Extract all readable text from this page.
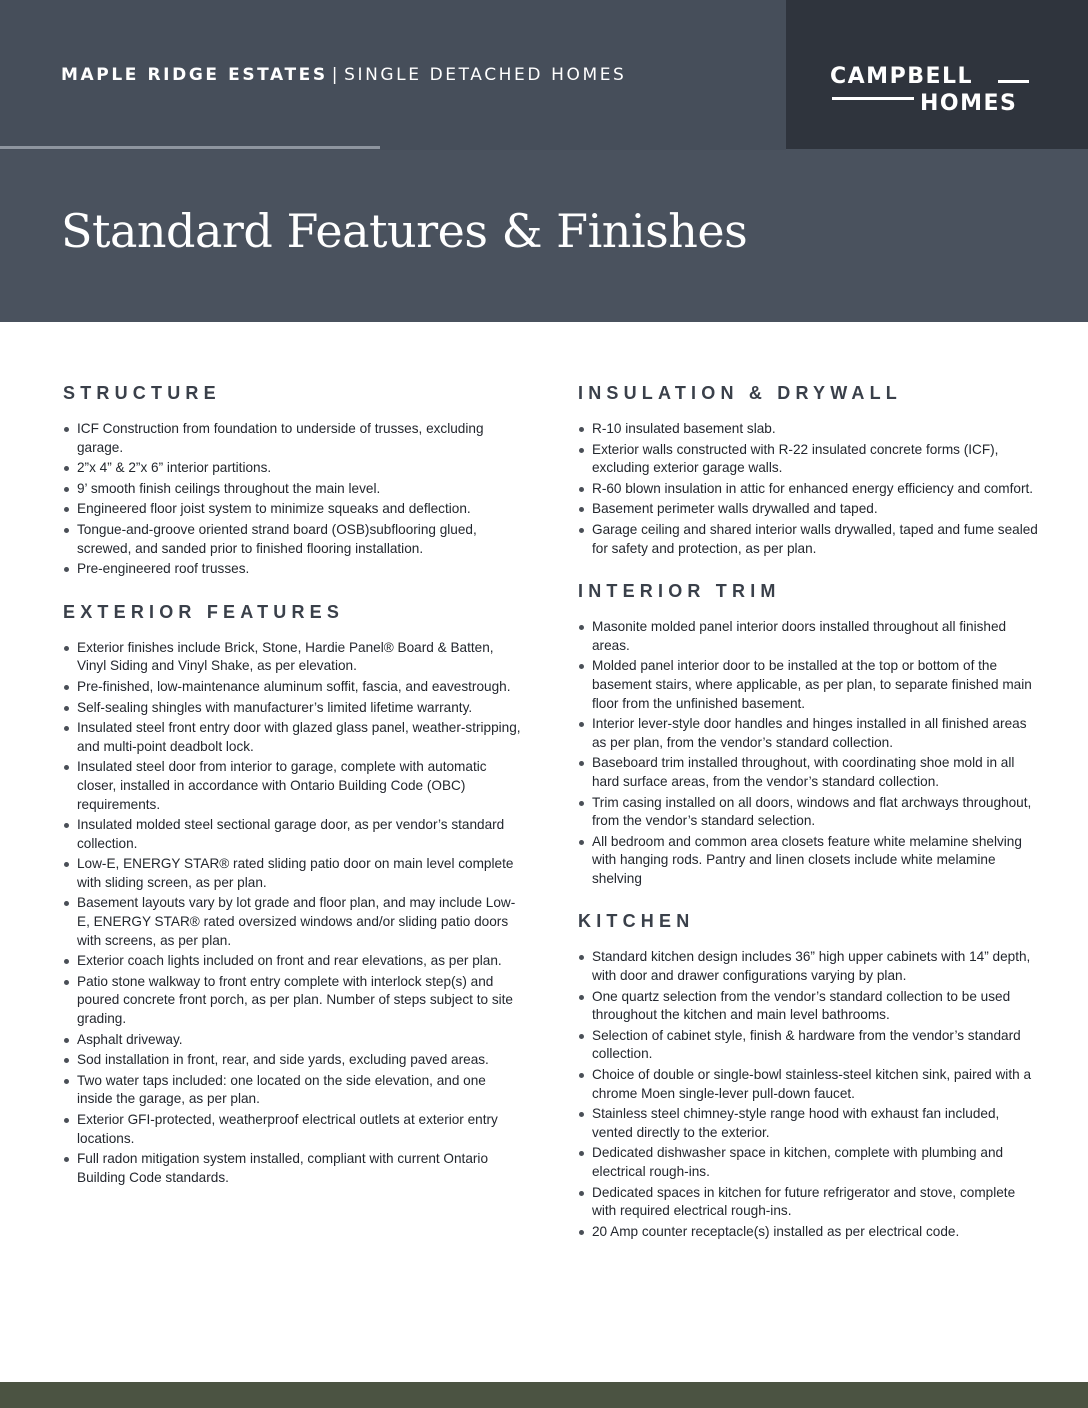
MAPLE RIDGE ESTATES | SINGLE DETACHED HOMES	CAMPBELL
HOMES
Standard Features & Finishes
STRUCTURE
ICF Construction from foundation to underside of trusses, excluding garage.
2”x 4” & 2”x 6” interior partitions.
9’ smooth finish ceilings throughout the main level.
Engineered floor joist system to minimize squeaks and deflection.
Tongue-and-groove oriented strand board (OSB)subflooring glued, screwed, and sanded prior to finished flooring installation.
Pre-engineered roof trusses.
EXTERIOR FEATURES
Exterior finishes include Brick, Stone, Hardie Panel® Board & Batten, Vinyl Siding and Vinyl Shake, as per elevation.
Pre-finished, low-maintenance aluminum soffit, fascia, and eavestrough.
Self-sealing shingles with manufacturer’s limited lifetime warranty.
Insulated steel front entry door with glazed glass panel, weather-stripping, and multi-point deadbolt lock.
Insulated steel door from interior to garage, complete with automatic closer, installed in accordance with Ontario Building Code (OBC) requirements.
Insulated molded steel sectional garage door, as per vendor’s standard collection.
Low-E, ENERGY STAR® rated sliding patio door on main level complete with sliding screen, as per plan.
Basement layouts vary by lot grade and floor plan, and may include Low-E, ENERGY STAR® rated oversized windows and/or sliding patio doors with screens, as per plan.
Exterior coach lights included on front and rear elevations, as per plan.
Patio stone walkway to front entry complete with interlock step(s) and poured concrete front porch, as per plan. Number of steps subject to site grading.
Asphalt driveway.
Sod installation in front, rear, and side yards, excluding paved areas.
Two water taps included: one located on the side elevation, and one inside the garage, as per plan.
Exterior GFI-protected, weatherproof electrical outlets at exterior entry locations.
Full radon mitigation system installed, compliant with current Ontario Building Code standards.
INSULATION & DRYWALL
R-10 insulated basement slab.
Exterior walls constructed with R-22 insulated concrete forms (ICF), excluding exterior garage walls.
R-60 blown insulation in attic for enhanced energy efficiency and comfort.
Basement perimeter walls drywalled and taped.
Garage ceiling and shared interior walls drywalled, taped and fume sealed for safety and protection, as per plan.
INTERIOR TRIM
Masonite molded panel interior doors installed throughout all finished areas.
Molded panel interior door to be installed at the top or bottom of the basement stairs, where applicable, as per plan, to separate finished main floor from the unfinished basement.
Interior lever-style door handles and hinges installed in all finished areas as per plan, from the vendor’s standard collection.
Baseboard trim installed throughout, with coordinating shoe mold in all hard surface areas, from the vendor’s standard collection.
Trim casing installed on all doors, windows and flat archways throughout, from the vendor’s standard selection.
All bedroom and common area closets feature white melamine shelving with hanging rods. Pantry and linen closets include white melamine shelving
KITCHEN
Standard kitchen design includes 36” high upper cabinets with 14” depth, with door and drawer configurations varying by plan.
One quartz selection from the vendor’s standard collection to be used throughout the kitchen and main level bathrooms.
Selection of cabinet style, finish & hardware from the vendor’s standard collection.
Choice of double or single-bowl stainless-steel kitchen sink, paired with a chrome Moen single-lever pull-down faucet.
Stainless steel chimney-style range hood with exhaust fan included, vented directly to the exterior.
Dedicated dishwasher space in kitchen, complete with plumbing and electrical rough-ins.
Dedicated spaces in kitchen for future refrigerator and stove, complete with required electrical rough-ins.
20 Amp counter receptacle(s) installed as per electrical code.
